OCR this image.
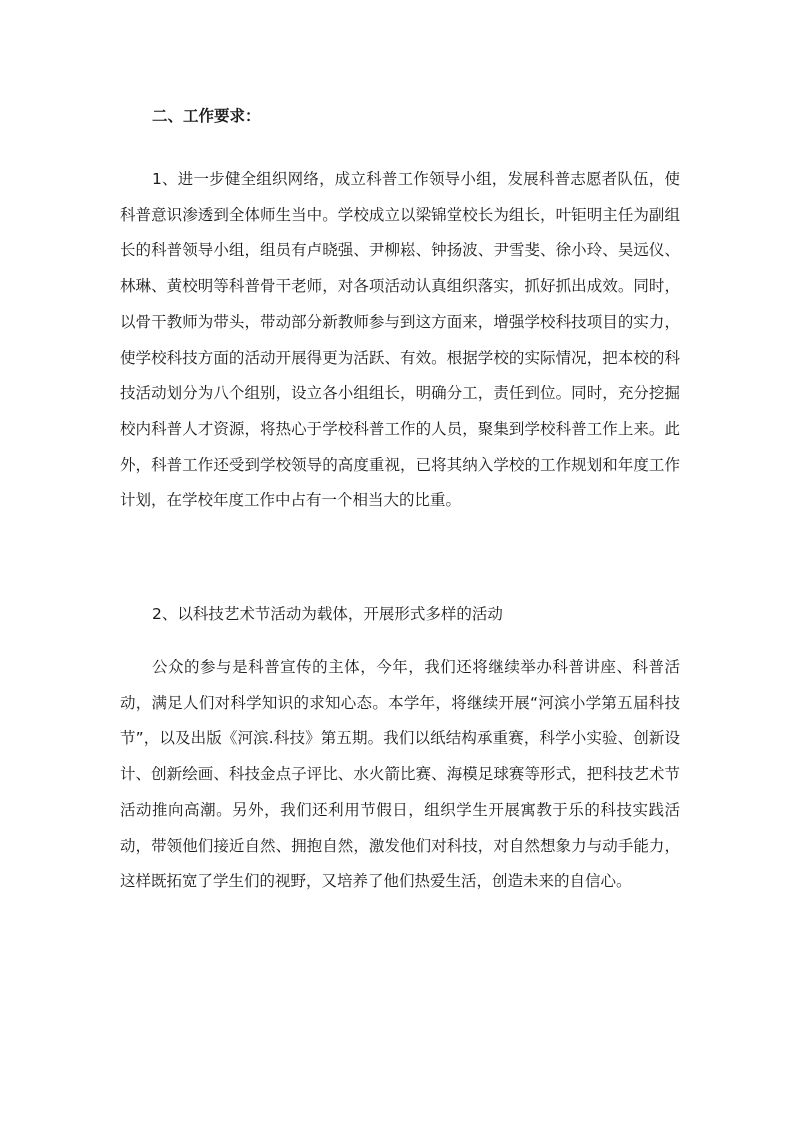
二、工作要求：

1、进一步健全组织网络，成立科普工作领导小组，发展科普志愿者队伍，使科普意识渗透到全体师生当中。学校成立以梁锦堂校长为组长，叶钜明主任为副组长的科普领导小组，组员有卢晓强、尹柳崧、钟扬波、尹雪斐、徐小玲、吴远仪、林琳、黄校明等科普骨干老师，对各项活动认真组织落实，抓好抓出成效。同时，以骨干教师为带头，带动部分新教师参与到这方面来，增强学校科技项目的实力，使学校科技方面的活动开展得更为活跃、有效。根据学校的实际情况，把本校的科技活动划分为八个组别，设立各小组组长，明确分工，责任到位。同时，充分挖掘校内科普人才资源，将热心于学校科普工作的人员，聚集到学校科普工作上来。此外，科普工作还受到学校领导的高度重视，已将其纳入学校的工作规划和年度工作计划，在学校年度工作中占有一个相当大的比重。

2、以科技艺术节活动为载体，开展形式多样的活动

公众的参与是科普宣传的主体，今年，我们还将继续举办科普讲座、科普活动，满足人们对科学知识的求知心态。本学年，将继续开展“河滨小学第五届科技节”，以及出版《河滨.科技》第五期。我们以纸结构承重赛，科学小实验、创新设计、创新绘画、科技金点子评比、水火箭比赛、海模足球赛等形式，把科技艺术节活动推向高潮。另外，我们还利用节假日，组织学生开展寓教于乐的科技实践活动，带领他们接近自然、拥抱自然，激发他们对科技，对自然想象力与动手能力，这样既拓宽了学生们的视野，又培养了他们热爱生活，创造未来的自信心。
